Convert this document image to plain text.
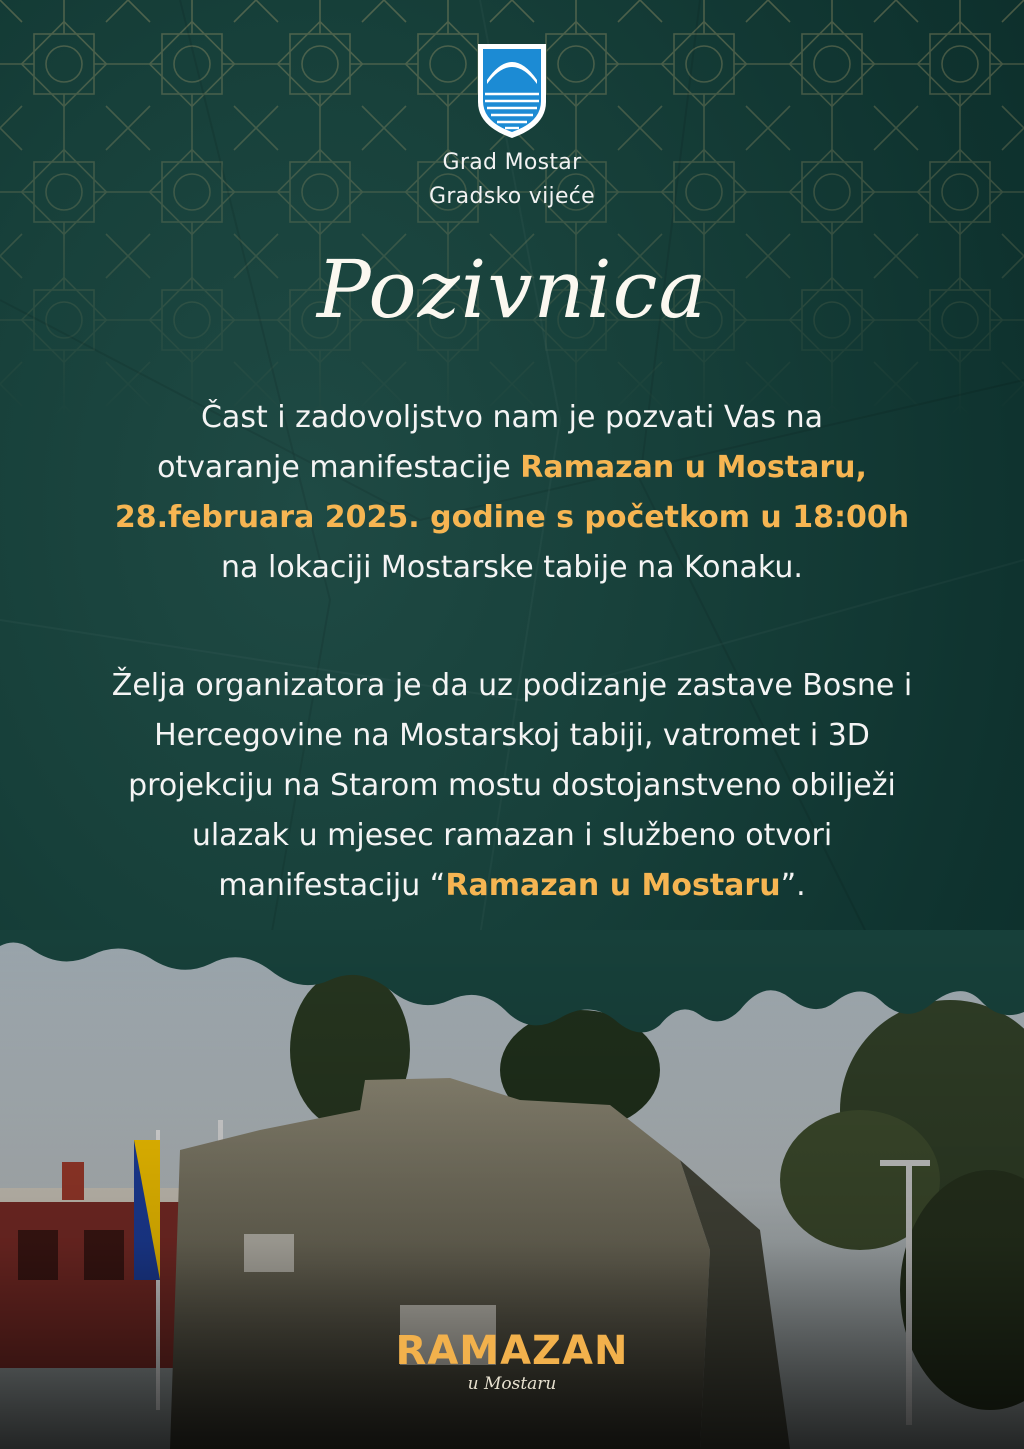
Grad Mostar
Gradsko vijeće
Pozivnica
Čast i zadovoljstvo nam je pozvati Vas na
otvaranje manifestacije Ramazan u Mostaru,
28.februara 2025. godine s početkom u 18:00h
na lokaciji Mostarske tabije na Konaku.
Želja organizatora je da uz podizanje zastave Bosne i
Hercegovine na Mostarskoj tabiji, vatromet i 3D
projekciju na Starom mostu dostojanstveno obilježi
ulazak u mjesec ramazan i službeno otvori
manifestaciju “Ramazan u Mostaru”.
RAMAZAN
u Mostaru
